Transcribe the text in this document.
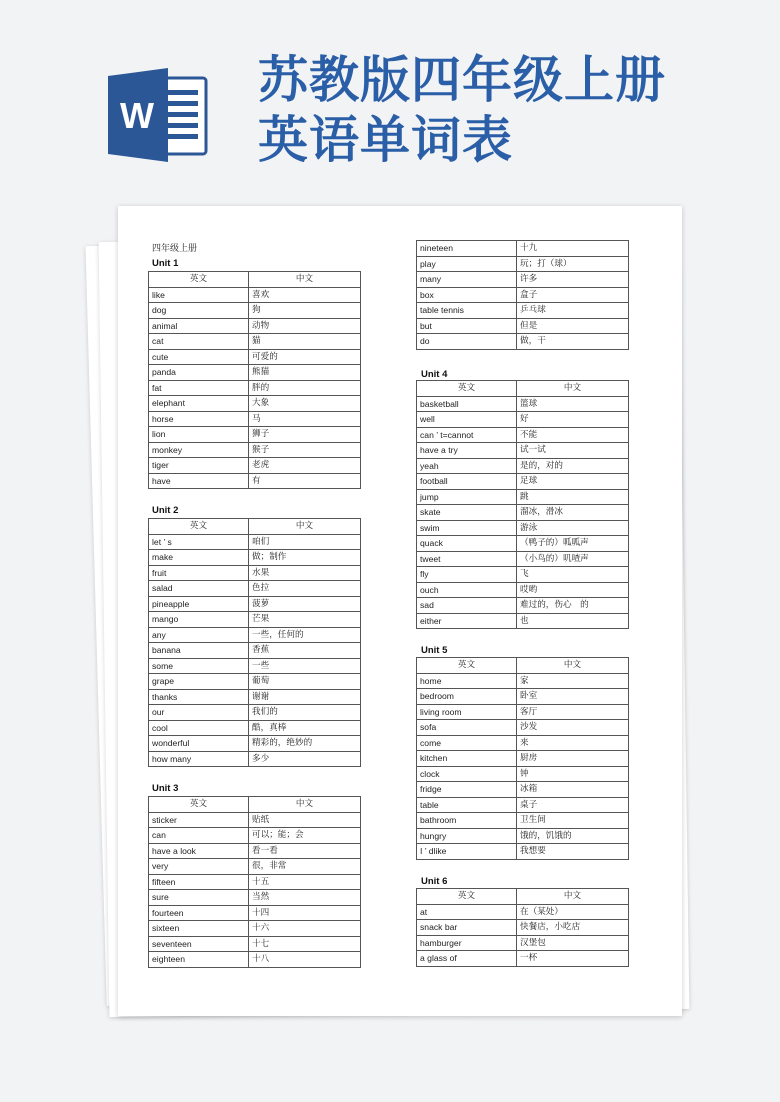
W
苏教版四年级上册
英语单词表
四年级上册
Unit 1
英文	中文
like	喜欢
dog	狗
animal	动物
cat	猫
cute	可爱的
panda	熊猫
fat	胖的
elephant	大象
horse	马
lion	狮子
monkey	猴子
tiger	老虎
have	有
Unit 2
英文	中文
let ’ s	咱们
make	做；制作
fruit	水果
salad	色拉
pineapple	菠萝
mango	芒果
any	一些，任何的
banana	香蕉
some	一些
grape	葡萄
thanks	谢谢
our	我们的
cool	酷，真棒
wonderful	精彩的，绝妙的
how many	多少
Unit 3
英文	中文
sticker	贴纸
can	可以；能；会
have a look	看一看
very	很，非常
fifteen	十五
sure	当然
fourteen	十四
sixteen	十六
seventeen	十七
eighteen	十八
nineteen	十九
play	玩；打（球）
many	许多
box	盒子
table tennis	乒乓球
but	但是
do	做，干
Unit 4
英文	中文
basketball	篮球
well	好
can ’ t=cannot	不能
have a try	试一试
yeah	是的，对的
football	足球
jump	跳
skate	溜冰，滑冰
swim	游泳
quack	（鸭子的）呱呱声
tweet	（小鸟的）叽喳声
fly	飞
ouch	哎哟
sad	难过的，伤心　的
either	也
Unit 5
英文	中文
home	家
bedroom	卧室
living room	客厅
sofa	沙发
come	来
kitchen	厨房
clock	钟
fridge	冰箱
table	桌子
bathroom	卫生间
hungry	饿的，饥饿的
I ’ dlike	我想要
Unit 6
英文	中文
at	在（某处）
snack bar	快餐店，小吃店
hamburger	汉堡包
a glass of	一杯
